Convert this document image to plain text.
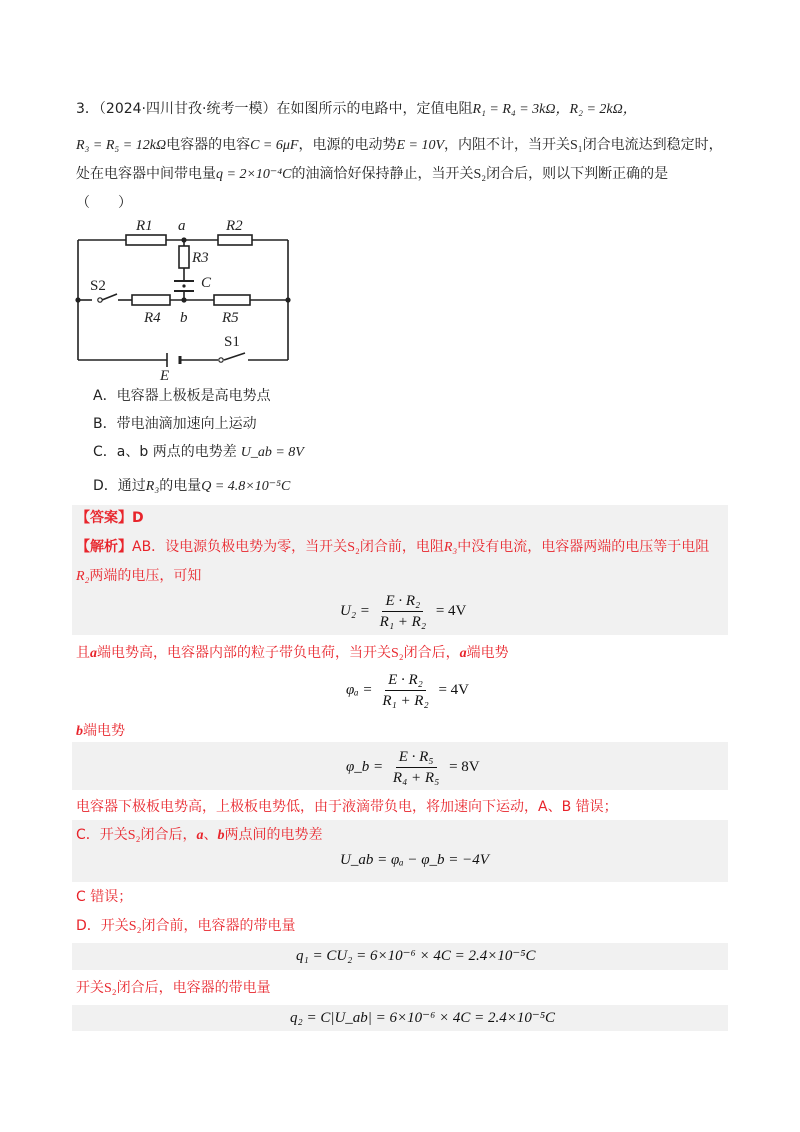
3．（2024·四川甘孜·统考一模）在如图所示的电路中，定值电阻R₁ = R₄ = 3kΩ，R₂ = 2kΩ，
R₃ = R₅ = 12kΩ电容器的电容C = 6μF，电源的电动势E = 10V，内阻不计，当开关S₁闭合电流达到稳定时，
处在电容器中间带电量q = 2×10⁻⁴C的油滴恰好保持静止，当开关S₂闭合后，则以下判断正确的是
（　　）
R1 a	R2
R3
C
S2
R4 b R5
S1
E
A．电容器上极板是高电势点
B．带电油滴加速向上运动
C．a、b 两点的电势差 U_ab = 8V
D．通过R₃的电量Q = 4.8×10⁻⁵C
【答案】D
【解析】AB．设电源负极电势为零，当开关S₂闭合前，电阻R₃中没有电流，电容器两端的电压等于电阻
R₂两端的电压，可知
$U_2 = \frac{\text{E · R₂}}{\text{R₁ + R₂}} = 4V$
且a端电势高，电容器内部的粒子带负电荷，当开关S₂闭合后，a端电势
$\varphi_a = \frac{\text{E · R₂}}{\text{R₁ + R₂}} = 4V$
b端电势
φ_b = $\frac{\text{E · R₅}}{\text{R₄ + R₅}} = 8V$
电容器下极板电势高，上极板电势低，由于液滴带负电，将加速向下运动，A、B 错误；
C．开关S₂闭合后，a、b两点间的电势差
U_ab = φₐ − φ_b = −4V
C 错误；
D．开关S₂闭合前，电容器的带电量
q₁ = CU₂ = 6×10⁻⁶ × 4C = 2.4×10⁻⁵C
开关S₂闭合后，电容器的带电量
q₂ = C|U_ab| = 6×10⁻⁶ × 4C = 2.4×10⁻⁵C
